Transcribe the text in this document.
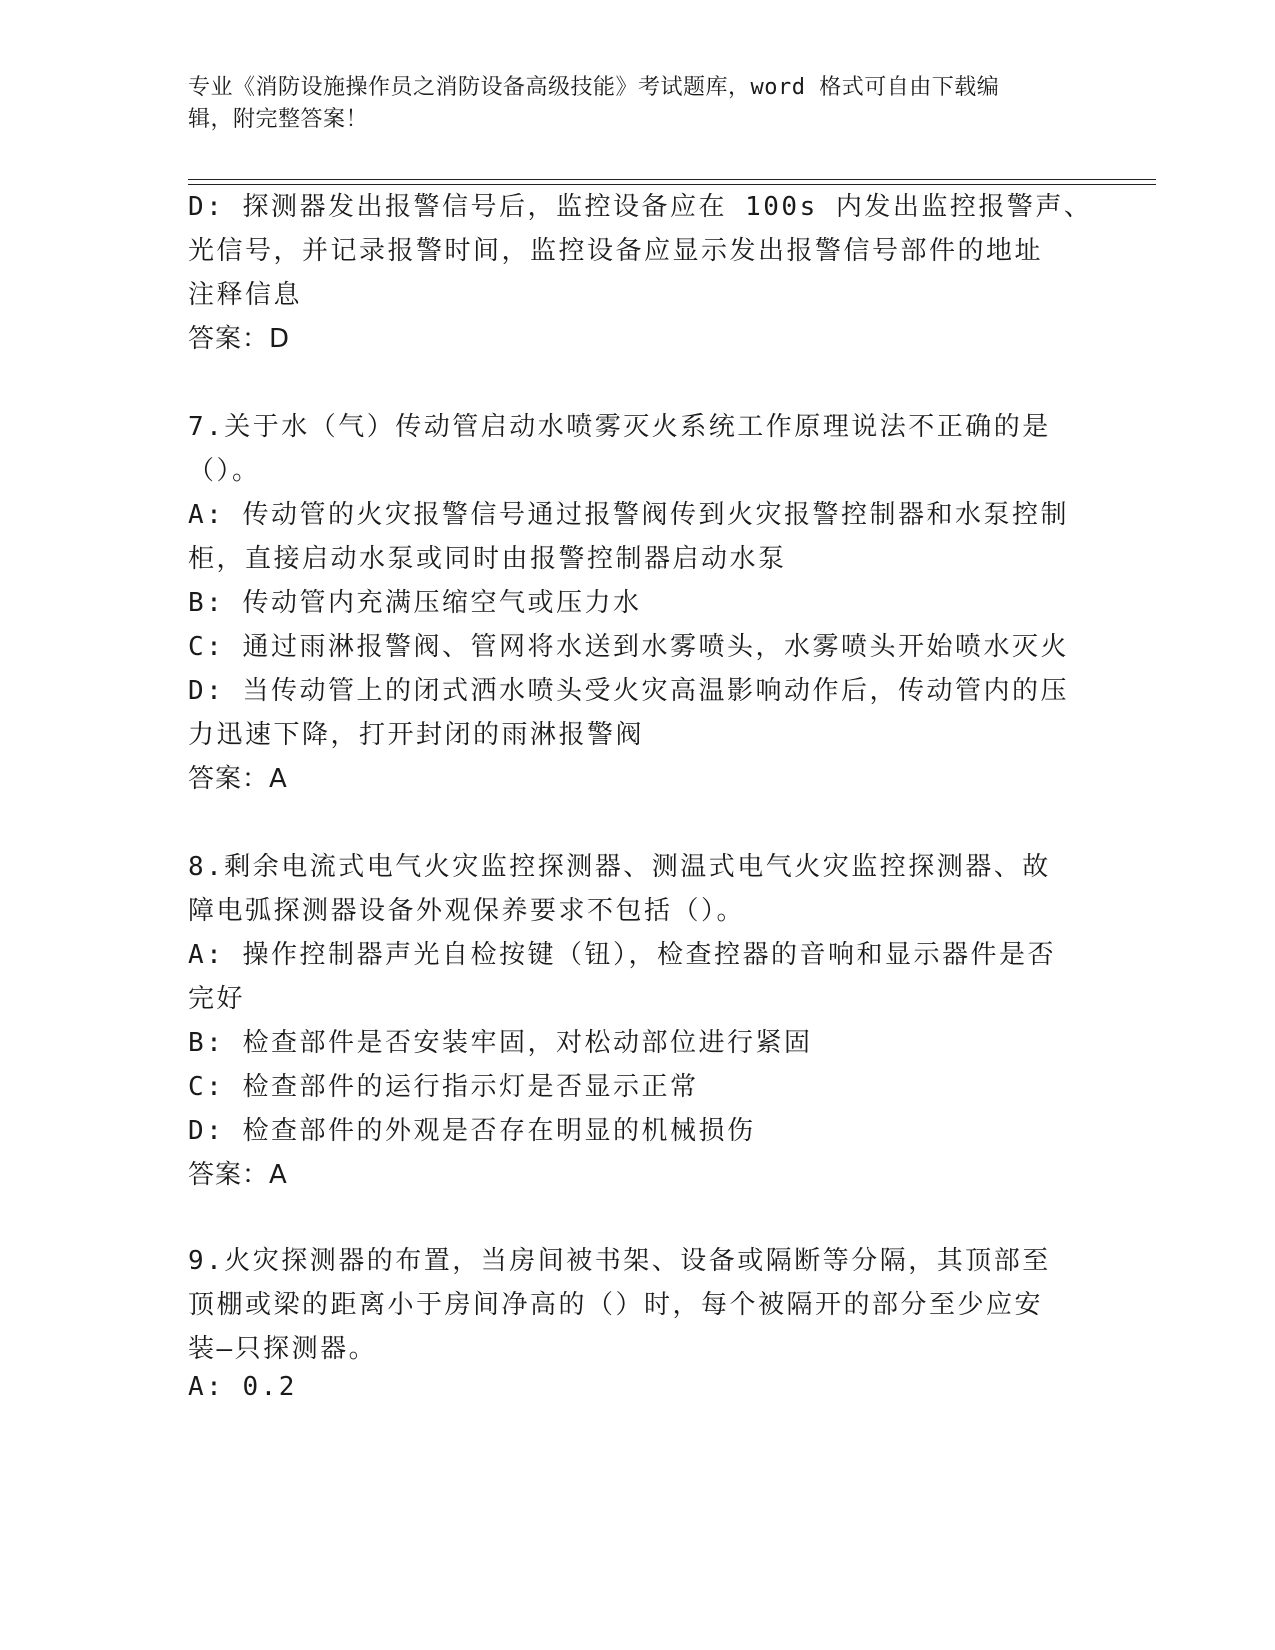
专业《消防设施操作员之消防设备高级技能》考试题库，word 格式可自由下载编
辑，附完整答案！
D: 探测器发出报警信号后，监控设备应在 100s 内发出监控报警声、
光信号，并记录报警时间，监控设备应显示发出报警信号部件的地址
注释信息
答案：D
7.关于水（气）传动管启动水喷雾灭火系统工作原理说法不正确的是
（）。
A: 传动管的火灾报警信号通过报警阀传到火灾报警控制器和水泵控制
柜，直接启动水泵或同时由报警控制器启动水泵
B: 传动管内充满压缩空气或压力水
C: 通过雨淋报警阀、管网将水送到水雾喷头，水雾喷头开始喷水灭火
D: 当传动管上的闭式洒水喷头受火灾高温影响动作后，传动管内的压
力迅速下降，打开封闭的雨淋报警阀
答案：A
8.剩余电流式电气火灾监控探测器、测温式电气火灾监控探测器、故
障电弧探测器设备外观保养要求不包括（）。
A: 操作控制器声光自检按键（钮），检查控器的音响和显示器件是否
完好
B: 检查部件是否安装牢固，对松动部位进行紧固
C: 检查部件的运行指示灯是否显示正常
D: 检查部件的外观是否存在明显的机械损伤
答案：A
9.火灾探测器的布置，当房间被书架、设备或隔断等分隔，其顶部至
顶棚或梁的距离小于房间净高的（）时，每个被隔开的部分至少应安
装—只探测器。
A: 0.2
